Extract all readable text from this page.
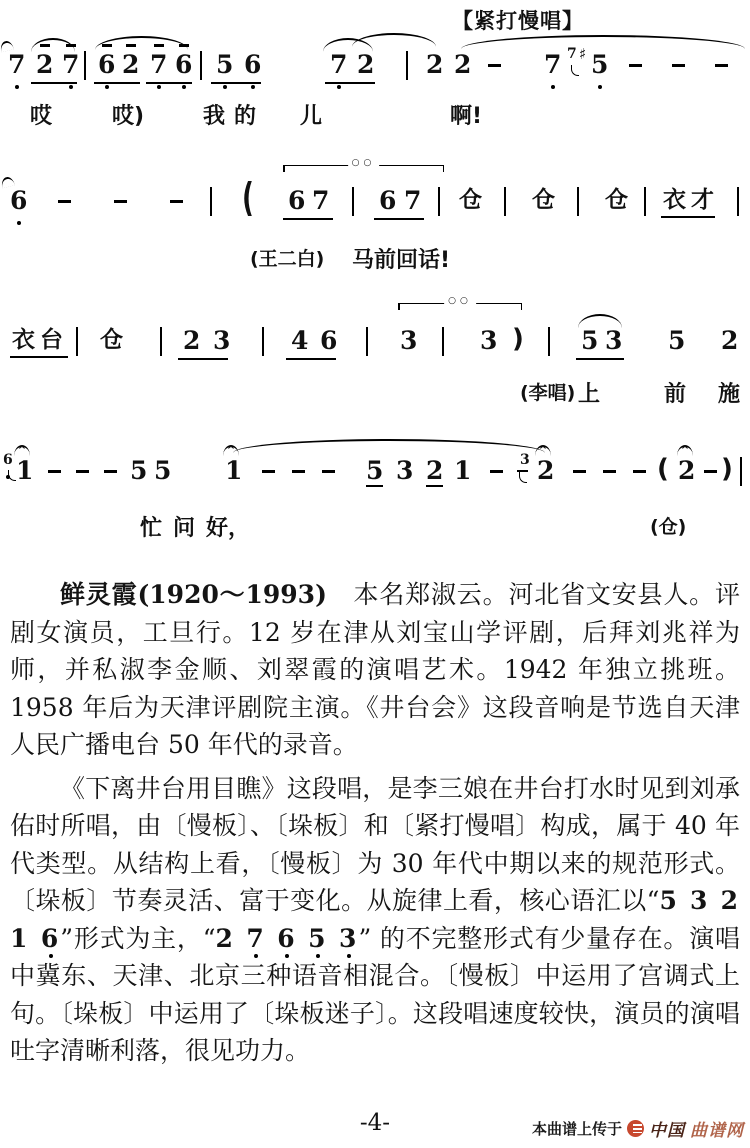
【紧打慢唱】
7 2 7 6 2 7 6 5 6	7 2 2 2	7 7 ♯ 5
哎	哎)	我 的 儿	啊!
6	( 6 7 6 7 仓 仓 仓 衣才
○○
(王二白) 马前回话!
衣台 仓 2 3 4 6	3	3 ) 5 3 5 2
○○
(李唱) 上	前 施
6 1	5 5 1	5 3 2 1	3 2	( 2 )
^	^	^	^
忙 问 好，	(仓)

鲜灵霞(1920～1993)　本名郑淑云。河北省文安县人。评剧女演员，工旦行。12 岁在津从刘宝山学评剧，后拜刘兆祥为师，并私淑李金顺、刘翠霞的演唱艺术。1942 年独立挑班。1958 年后为天津评剧院主演。《井台会》这段音响是节选自天津人民广播电台 50 年代的录音。

《下离井台用目瞧》这段唱，是李三娘在井台打水时见到刘承佑时所唱，由〔慢板〕、〔垛板〕和〔紧打慢唱〕构成，属于 40 年代类型。从结构上看，〔慢板〕为 30 年代中期以来的规范形式。〔垛板〕节奏灵活、富于变化。从旋律上看，核心语汇以“5 3 2 1 6”形式为主，“2 7 6 5 3” 的不完整形式有少量存在。演唱中冀东、天津、北京三种语音相混合。〔慢板〕中运用了宫调式上句。〔垛板〕中运用了〔垛板迷子〕。这段唱速度较快，演员的演唱吐字清晰利落，很见功力。

-4-	本曲谱上传于 中国 曲谱网
